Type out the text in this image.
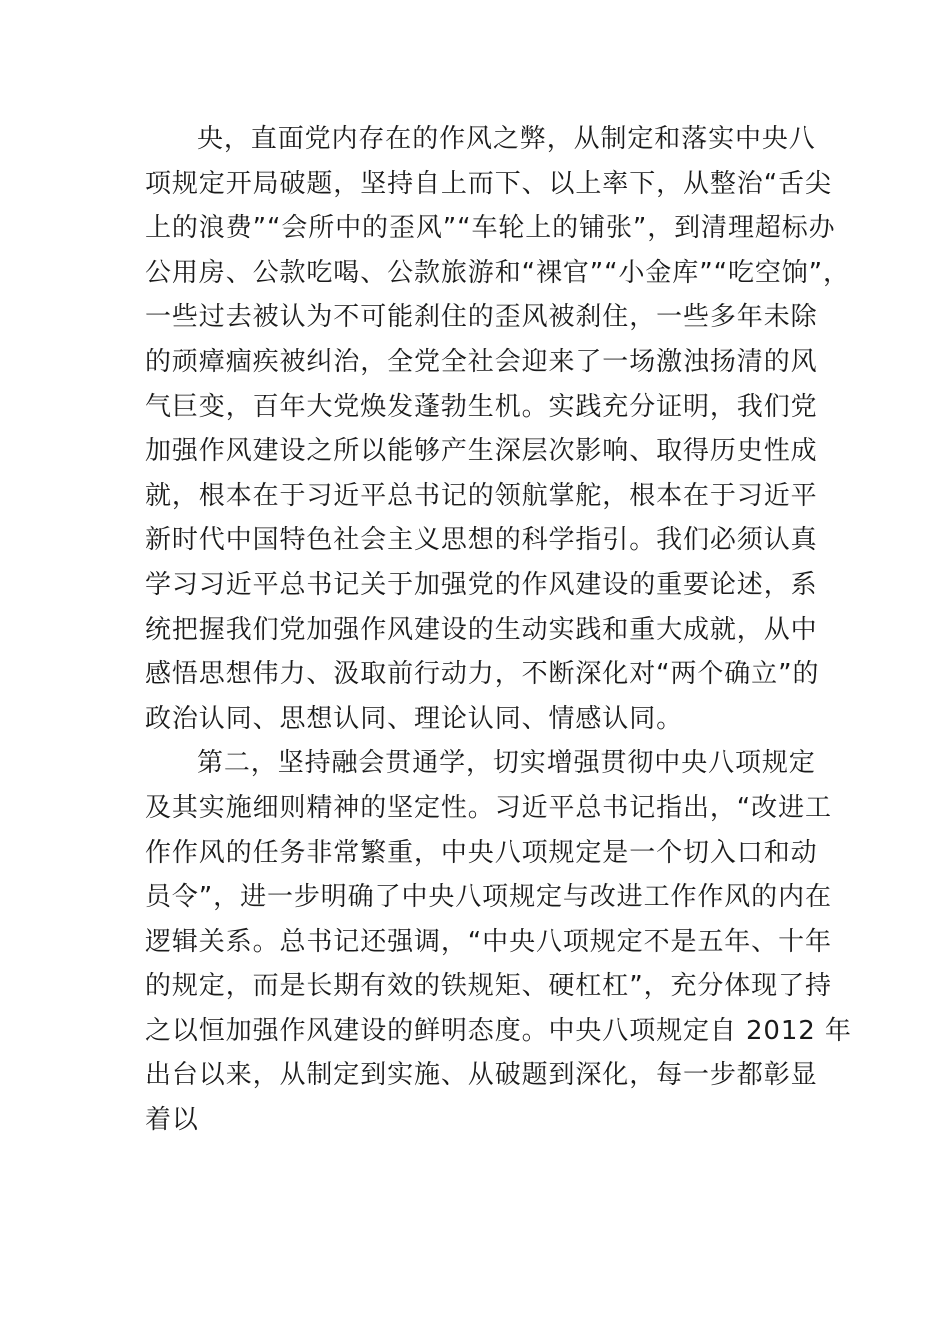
央，直面党内存在的作风之弊，从制定和落实中央八
项规定开局破题，坚持自上而下、以上率下，从整治“舌尖
上的浪费”“会所中的歪风”“车轮上的铺张”，到清理超标办
公用房、公款吃喝、公款旅游和“裸官”“小金库”“吃空饷”，
一些过去被认为不可能刹住的歪风被刹住，一些多年未除
的顽瘴痼疾被纠治，全党全社会迎来了一场激浊扬清的风
气巨变，百年大党焕发蓬勃生机。实践充分证明，我们党
加强作风建设之所以能够产生深层次影响、取得历史性成
就，根本在于习近平总书记的领航掌舵，根本在于习近平
新时代中国特色社会主义思想的科学指引。我们必须认真
学习习近平总书记关于加强党的作风建设的重要论述，系
统把握我们党加强作风建设的生动实践和重大成就，从中
感悟思想伟力、汲取前行动力，不断深化对“两个确立”的
政治认同、思想认同、理论认同、情感认同。
第二，坚持融会贯通学，切实增强贯彻中央八项规定
及其实施细则精神的坚定性。习近平总书记指出，“改进工
作作风的任务非常繁重，中央八项规定是一个切入口和动
员令”，进一步明确了中央八项规定与改进工作作风的内在
逻辑关系。总书记还强调，“中央八项规定不是五年、十年
的规定，而是长期有效的铁规矩、硬杠杠”，充分体现了持
之以恒加强作风建设的鲜明态度。中央八项规定自 2012 年
出台以来，从制定到实施、从破题到深化，每一步都彰显
着以
